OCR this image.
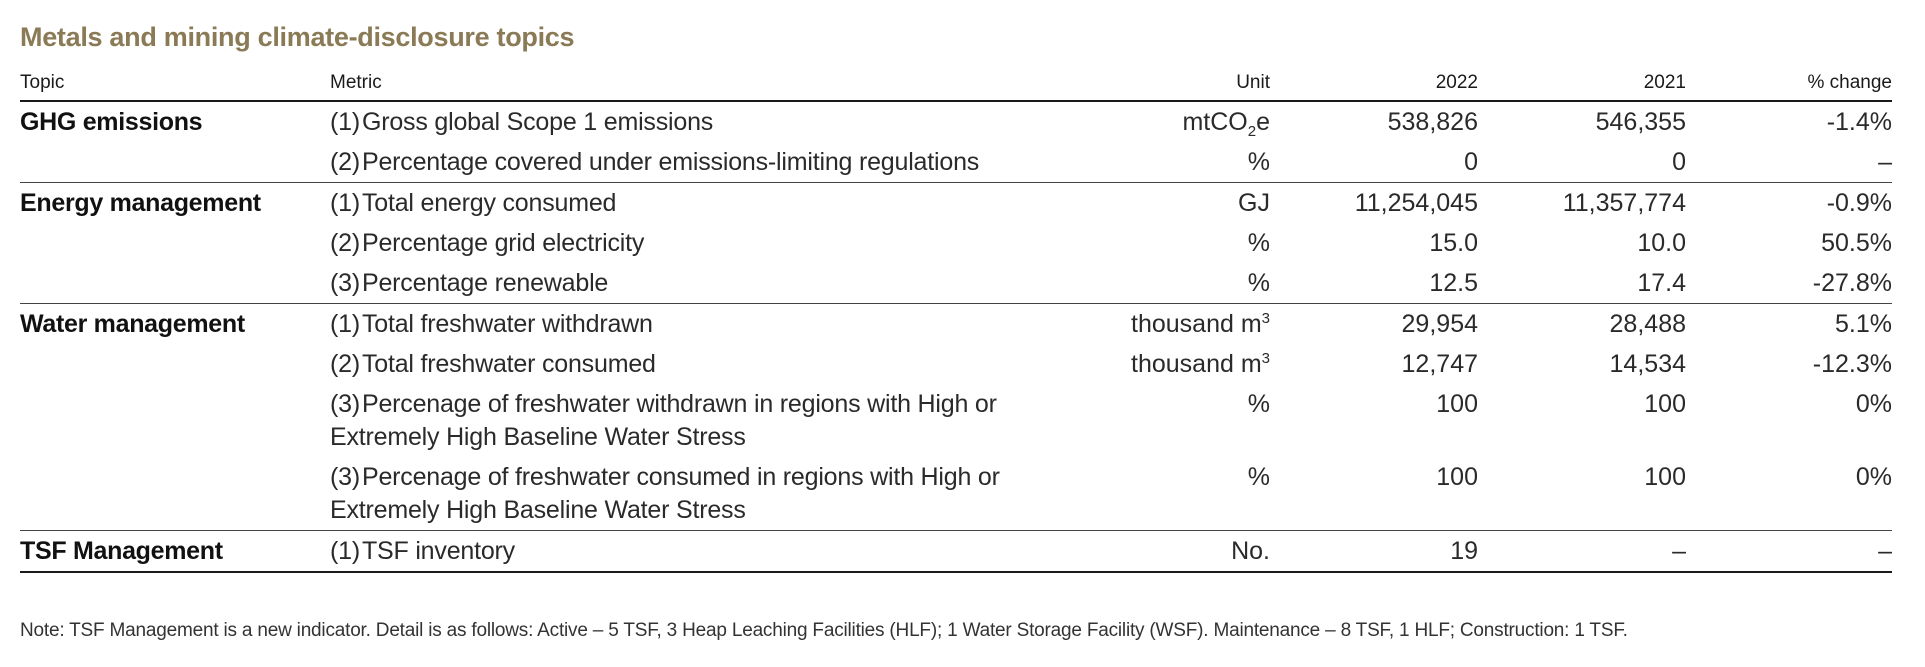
Metals and mining climate-disclosure topics
Topic	Metric	Unit	2022	2021	% change
GHG emissions	(1)Gross global Scope 1 emissions	mtCO$_2$e	538,826	546,355	-1.4%
	(2)Percentage covered under emissions-limiting regulations	%	0	0	–
Energy management	(1)Total energy consumed	GJ	11,254,045	11,357,774	-0.9%
	(2)Percentage grid electricity	%	15.0	10.0	50.5%
	(3)Percentage renewable	%	12.5	17.4	-27.8%
Water management	(1)Total freshwater withdrawn	thousand $m^3$	29,954	28,488	5.1%
	(2)Total freshwater consumed	thousand $m^3$	12,747	14,534	-12.3%
	(3)Percenage of freshwater withdrawn in regions with High or Extremely High Baseline Water Stress	%	100	100	0%
	(3)Percenage of freshwater consumed in regions with High or Extremely High Baseline Water Stress	%	100	100	0%
TSF Management	(1)TSF inventory	No.	19	–	–
Note: TSF Management is a new indicator. Detail is as follows: Active – 5 TSF, 3 Heap Leaching Facilities (HLF); 1 Water Storage Facility (WSF). Maintenance – 8 TSF, 1 HLF; Construction: 1 TSF.
